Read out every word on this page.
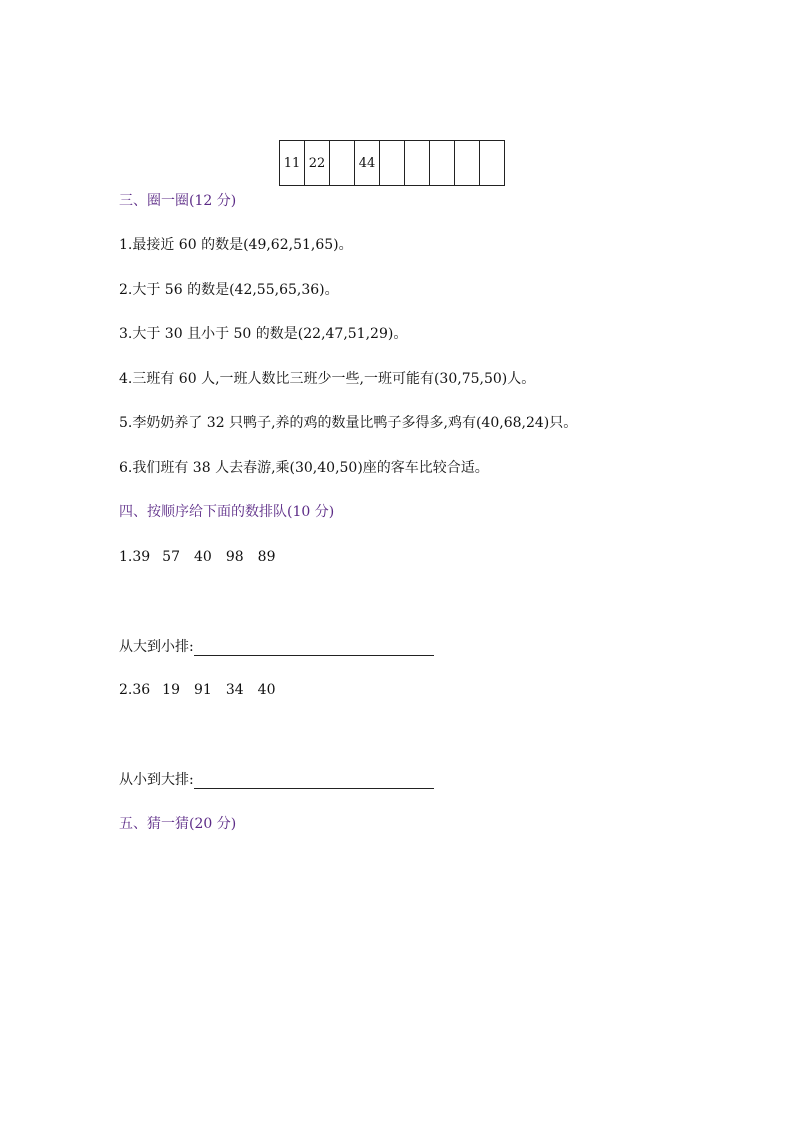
11	22		44					
三、圈一圈(12 分)
1.最接近 60 的数是(49,62,51,65)。
2.大于 56 的数是(42,55,65,36)。
3.大于 30 且小于 50 的数是(22,47,51,29)。
4.三班有 60 人,一班人数比三班少一些,一班可能有(30,75,50)人。
5.李奶奶养了 32 只鸭子,养的鸡的数量比鸭子多得多,鸡有(40,68,24)只。
6.我们班有 38 人去春游,乘(30,40,50)座的客车比较合适。
四、按顺序给下面的数排队(10 分)
1.39 57 40 98 89
从大到小排:
2.36 19 91 34 40
从小到大排:
五、猜一猜(20 分)
